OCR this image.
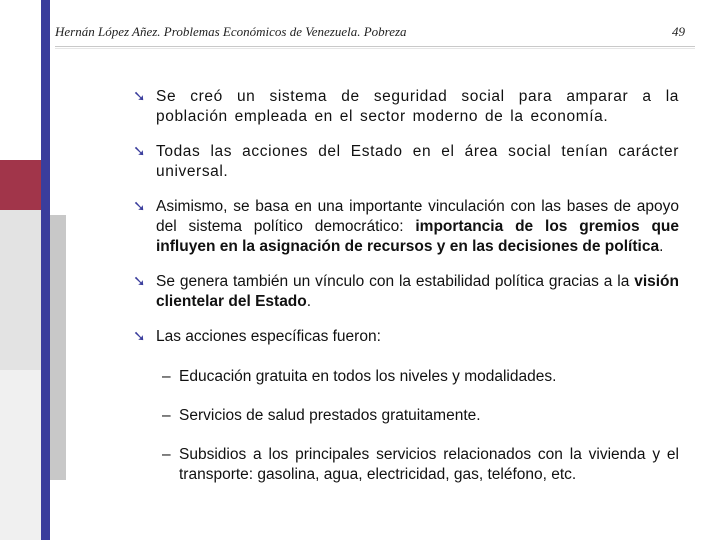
Hernán López Añez. Problemas Económicos de Venezuela. Pobreza	49
➘ Se creó un sistema de seguridad social para amparar a la población empleada en el sector moderno de la economía.
➘ Todas las acciones del Estado en el área social tenían carácter universal.
➘ Asimismo, se basa en una importante vinculación con las bases de apoyo del sistema político democrático: importancia de los gremios que influyen en la asignación de recursos y en las decisiones de política.
➘ Se genera también un vínculo con la estabilidad política gracias a la visión clientelar del Estado.
➘ Las acciones específicas fueron:
– Educación gratuita en todos los niveles y modalidades.
– Servicios de salud prestados gratuitamente.
– Subsidios a los principales servicios relacionados con la vivienda y el transporte: gasolina, agua, electricidad, gas, teléfono, etc.
